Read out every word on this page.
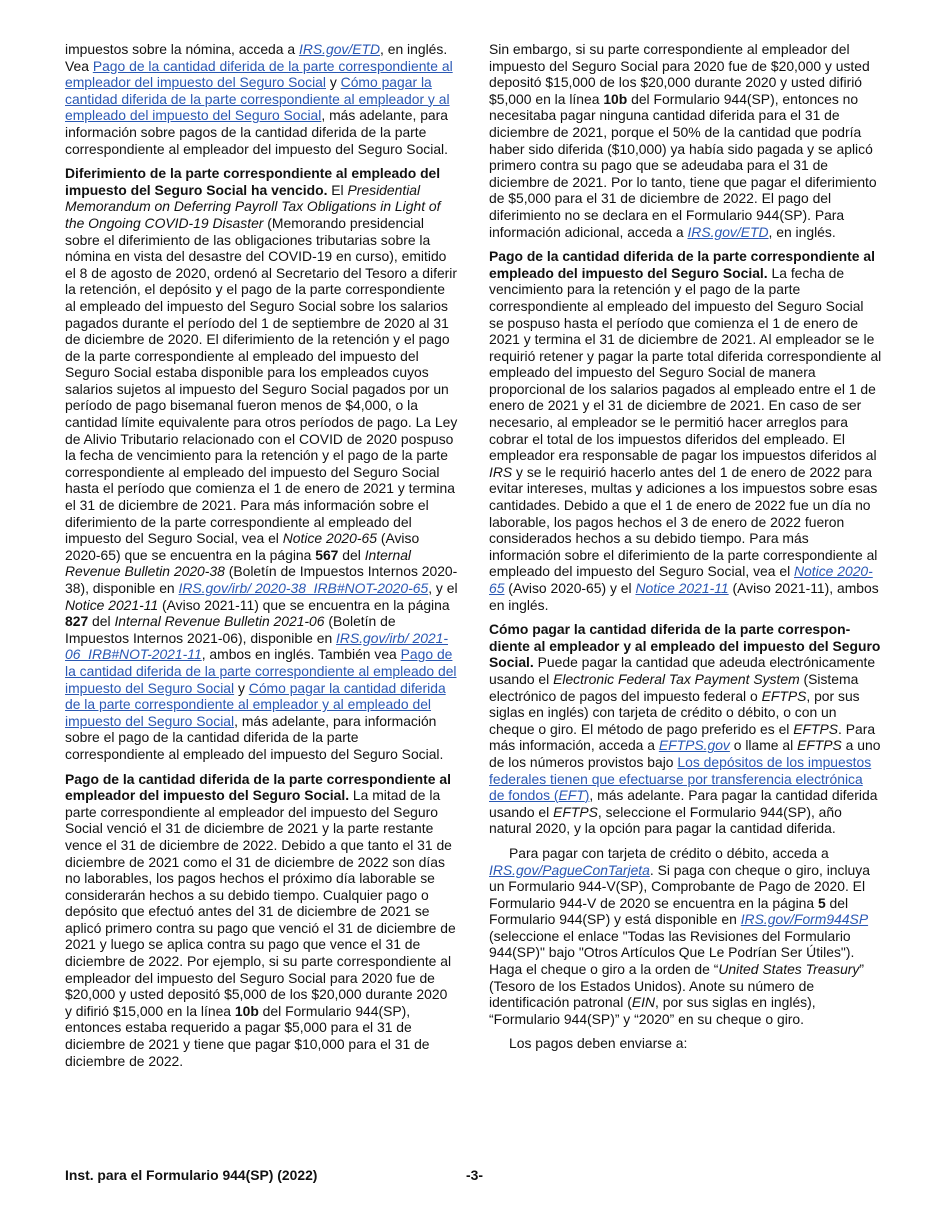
impuestos sobre la nómina, acceda a IRS.gov/ETD, en inglés. Vea Pago de la cantidad diferida de la parte correspondiente al empleador del impuesto del Seguro Social y Cómo pagar la cantidad diferida de la parte correspondiente al empleador y al empleado del impuesto del Seguro Social, más adelante, para información sobre pagos de la cantidad diferida de la parte correspondiente al empleador del impuesto del Seguro Social.

Diferimiento de la parte correspondiente al empleado del impuesto del Seguro Social ha vencido. El Presidential Memorandum on Deferring Payroll Tax Obligations in Light of the Ongoing COVID-19 Disaster (Memorando presidencial sobre el diferimiento de las obligaciones tributarias sobre la nómina en vista del desastre del COVID-19 en curso), emitido el 8 de agosto de 2020, ordenó al Secretario del Tesoro a diferir la retención, el depósito y el pago de la parte correspondiente al empleado del impuesto del Seguro Social sobre los salarios pagados durante el período del 1 de septiembre de 2020 al 31 de diciembre de 2020. El diferimiento de la retención y el pago de la parte correspondiente al empleado del impuesto del Seguro Social estaba disponible para los empleados cuyos salarios sujetos al impuesto del Seguro Social pagados por un período de pago bisemanal fueron menos de $4,000, o la cantidad límite equivalente para otros períodos de pago. La Ley de Alivio Tributario relacionado con el COVID de 2020 pospuso la fecha de vencimiento para la retención y el pago de la parte correspondiente al empleado del impuesto del Seguro Social hasta el período que comienza el 1 de enero de 2021 y termina el 31 de diciembre de 2021. Para más información sobre el diferimiento de la parte correspondiente al empleado del impuesto del Seguro Social, vea el Notice 2020-65 (Aviso 2020-65) que se encuentra en la página 567 del Internal Revenue Bulletin 2020-38 (Boletín de Impuestos Internos 2020-38), disponible en IRS.gov/irb/ 2020-38_IRB#NOT-2020-65, y el Notice 2021-11 (Aviso 2021-11) que se encuentra en la página 827 del Internal Revenue Bulletin 2021-06 (Boletín de Impuestos Internos 2021-06), disponible en IRS.gov/irb/ 2021-06_IRB#NOT-2021-11, ambos en inglés. También vea Pago de la cantidad diferida de la parte correspondiente al empleado del impuesto del Seguro Social y Cómo pagar la cantidad diferida de la parte correspondiente al empleador y al empleado del impuesto del Seguro Social, más adelante, para información sobre el pago de la cantidad diferida de la parte correspondiente al empleado del impuesto del Seguro Social.

Pago de la cantidad diferida de la parte correspondiente al empleador del impuesto del Seguro Social. La mitad de la parte correspondiente al empleador del impuesto del Seguro Social venció el 31 de diciembre de 2021 y la parte restante vence el 31 de diciembre de 2022. Debido a que tanto el 31 de diciembre de 2021 como el 31 de diciembre de 2022 son días no laborables, los pagos hechos el próximo día laborable se considerarán hechos a su debido tiempo. Cualquier pago o depósito que efectuó antes del 31 de diciembre de 2021 se aplicó primero contra su pago que venció el 31 de diciembre de 2021 y luego se aplica contra su pago que vence el 31 de diciembre de 2022. Por ejemplo, si su parte correspondiente al empleador del impuesto del Seguro Social para 2020 fue de $20,000 y usted depositó $5,000 de los $20,000 durante 2020 y difirió $15,000 en la línea 10b del Formulario 944(SP), entonces estaba requerido a pagar $5,000 para el 31 de diciembre de 2021 y tiene que pagar $10,000 para el 31 de diciembre de 2022.

Sin embargo, si su parte correspondiente al empleador del impuesto del Seguro Social para 2020 fue de $20,000 y usted depositó $15,000 de los $20,000 durante 2020 y usted difirió $5,000 en la línea 10b del Formulario 944(SP), entonces no necesitaba pagar ninguna cantidad diferida para el 31 de diciembre de 2021, porque el 50% de la cantidad que podría haber sido diferida ($10,000) ya había sido pagada y se aplicó primero contra su pago que se adeudaba para el 31 de diciembre de 2021. Por lo tanto, tiene que pagar el diferimiento de $5,000 para el 31 de diciembre de 2022. El pago del diferimiento no se declara en el Formulario 944(SP). Para información adicional, acceda a IRS.gov/ETD, en inglés.

Pago de la cantidad diferida de la parte correspondiente al empleado del impuesto del Seguro Social. La fecha de vencimiento para la retención y el pago de la parte correspondiente al empleado del impuesto del Seguro Social se pospuso hasta el período que comienza el 1 de enero de 2021 y termina el 31 de diciembre de 2021. Al empleador se le requirió retener y pagar la parte total diferida correspondiente al empleado del impuesto del Seguro Social de manera proporcional de los salarios pagados al empleado entre el 1 de enero de 2021 y el 31 de diciembre de 2021. En caso de ser necesario, al empleador se le permitió hacer arreglos para cobrar el total de los impuestos diferidos del empleado. El empleador era responsable de pagar los impuestos diferidos al IRS y se le requirió hacerlo antes del 1 de enero de 2022 para evitar intereses, multas y adiciones a los impuestos sobre esas cantidades. Debido a que el 1 de enero de 2022 fue un día no laborable, los pagos hechos el 3 de enero de 2022 fueron considerados hechos a su debido tiempo. Para más información sobre el diferimiento de la parte correspondiente al empleado del impuesto del Seguro Social, vea el Notice 2020-65 (Aviso 2020-65) y el Notice 2021-11 (Aviso 2021-11), ambos en inglés.

Cómo pagar la cantidad diferida de la parte correspondiente al empleador y al empleado del impuesto del Seguro Social. Puede pagar la cantidad que adeuda electrónicamente usando el Electronic Federal Tax Payment System (Sistema electrónico de pagos del impuesto federal o EFTPS, por sus siglas en inglés) con tarjeta de crédito o débito, o con un cheque o giro. El método de pago preferido es el EFTPS. Para más información, acceda a EFTPS.gov o llame al EFTPS a uno de los números provistos bajo Los depósitos de los impuestos federales tienen que efectuarse por transferencia electrónica de fondos (EFT), más adelante. Para pagar la cantidad diferida usando el EFTPS, seleccione el Formulario 944(SP), año natural 2020, y la opción para pagar la cantidad diferida.

Para pagar con tarjeta de crédito o débito, acceda a IRS.gov/PagueConTarjeta. Si paga con cheque o giro, incluya un Formulario 944-V(SP), Comprobante de Pago de 2020. El Formulario 944-V de 2020 se encuentra en la página 5 del Formulario 944(SP) y está disponible en IRS.gov/Form944SP (seleccione el enlace "Todas las Revisiones del Formulario 944(SP)" bajo "Otros Artículos Que Le Podrían Ser Útiles"). Haga el cheque o giro a la orden de “United States Treasury” (Tesoro de los Estados Unidos). Anote su número de identificación patronal (EIN, por sus siglas en inglés), “Formulario 944(SP)” y “2020” en su cheque o giro.

Los pagos deben enviarse a:

Inst. para el Formulario 944(SP) (2022)	-3-
